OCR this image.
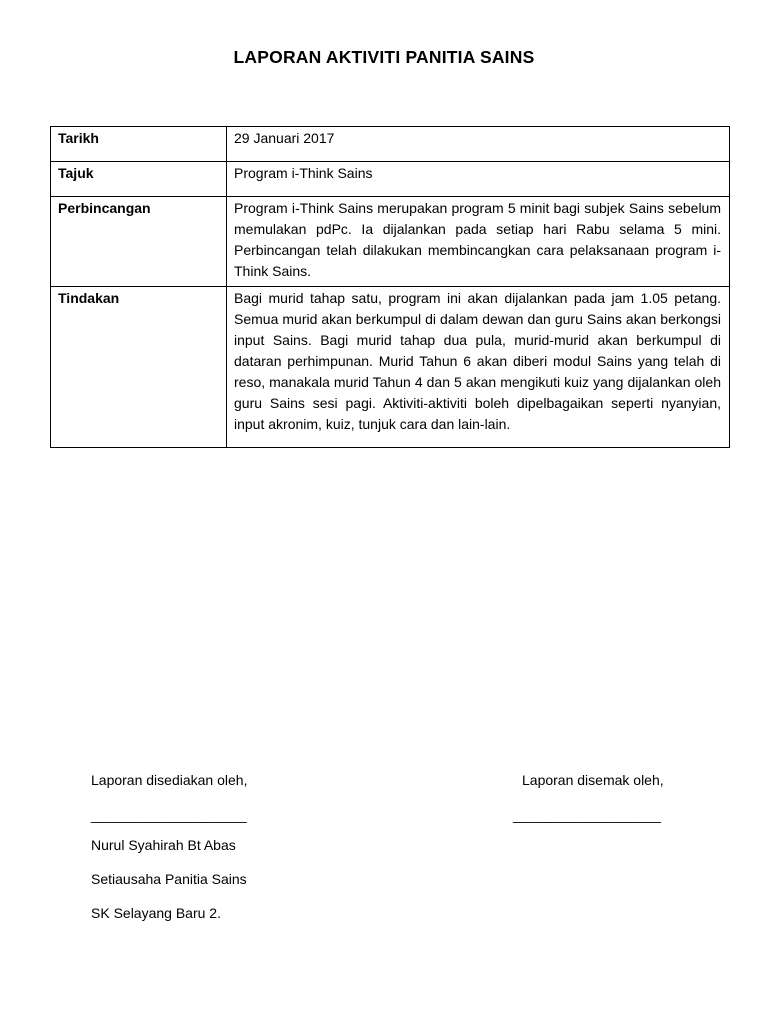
LAPORAN AKTIVITI PANITIA SAINS
Tarikh	29 Januari 2017
Tajuk	Program i-Think Sains
Perbincangan	Program i-Think Sains merupakan program 5 minit bagi subjek Sains sebelum memulakan pdPc. Ia dijalankan pada setiap hari Rabu selama 5 mini. Perbincangan telah dilakukan membincangkan cara pelaksanaan program i-Think Sains.
Tindakan	Bagi murid tahap satu, program ini akan dijalankan pada jam 1.05 petang. Semua murid akan berkumpul di dalam dewan dan guru Sains akan berkongsi input Sains. Bagi murid tahap dua pula, murid-murid akan berkumpul di dataran perhimpunan. Murid Tahun 6 akan diberi modul Sains yang telah di reso, manakala murid Tahun 4 dan 5 akan mengikuti kuiz yang dijalankan oleh guru Sains sesi pagi. Aktiviti-aktiviti boleh dipelbagaikan seperti nyanyian, input akronim, kuiz, tunjuk cara dan lain-lain.
Laporan disediakan oleh,
____________________
Nurul Syahirah Bt Abas
Setiausaha Panitia Sains
SK Selayang Baru 2.
Laporan disemak oleh,
___________________
